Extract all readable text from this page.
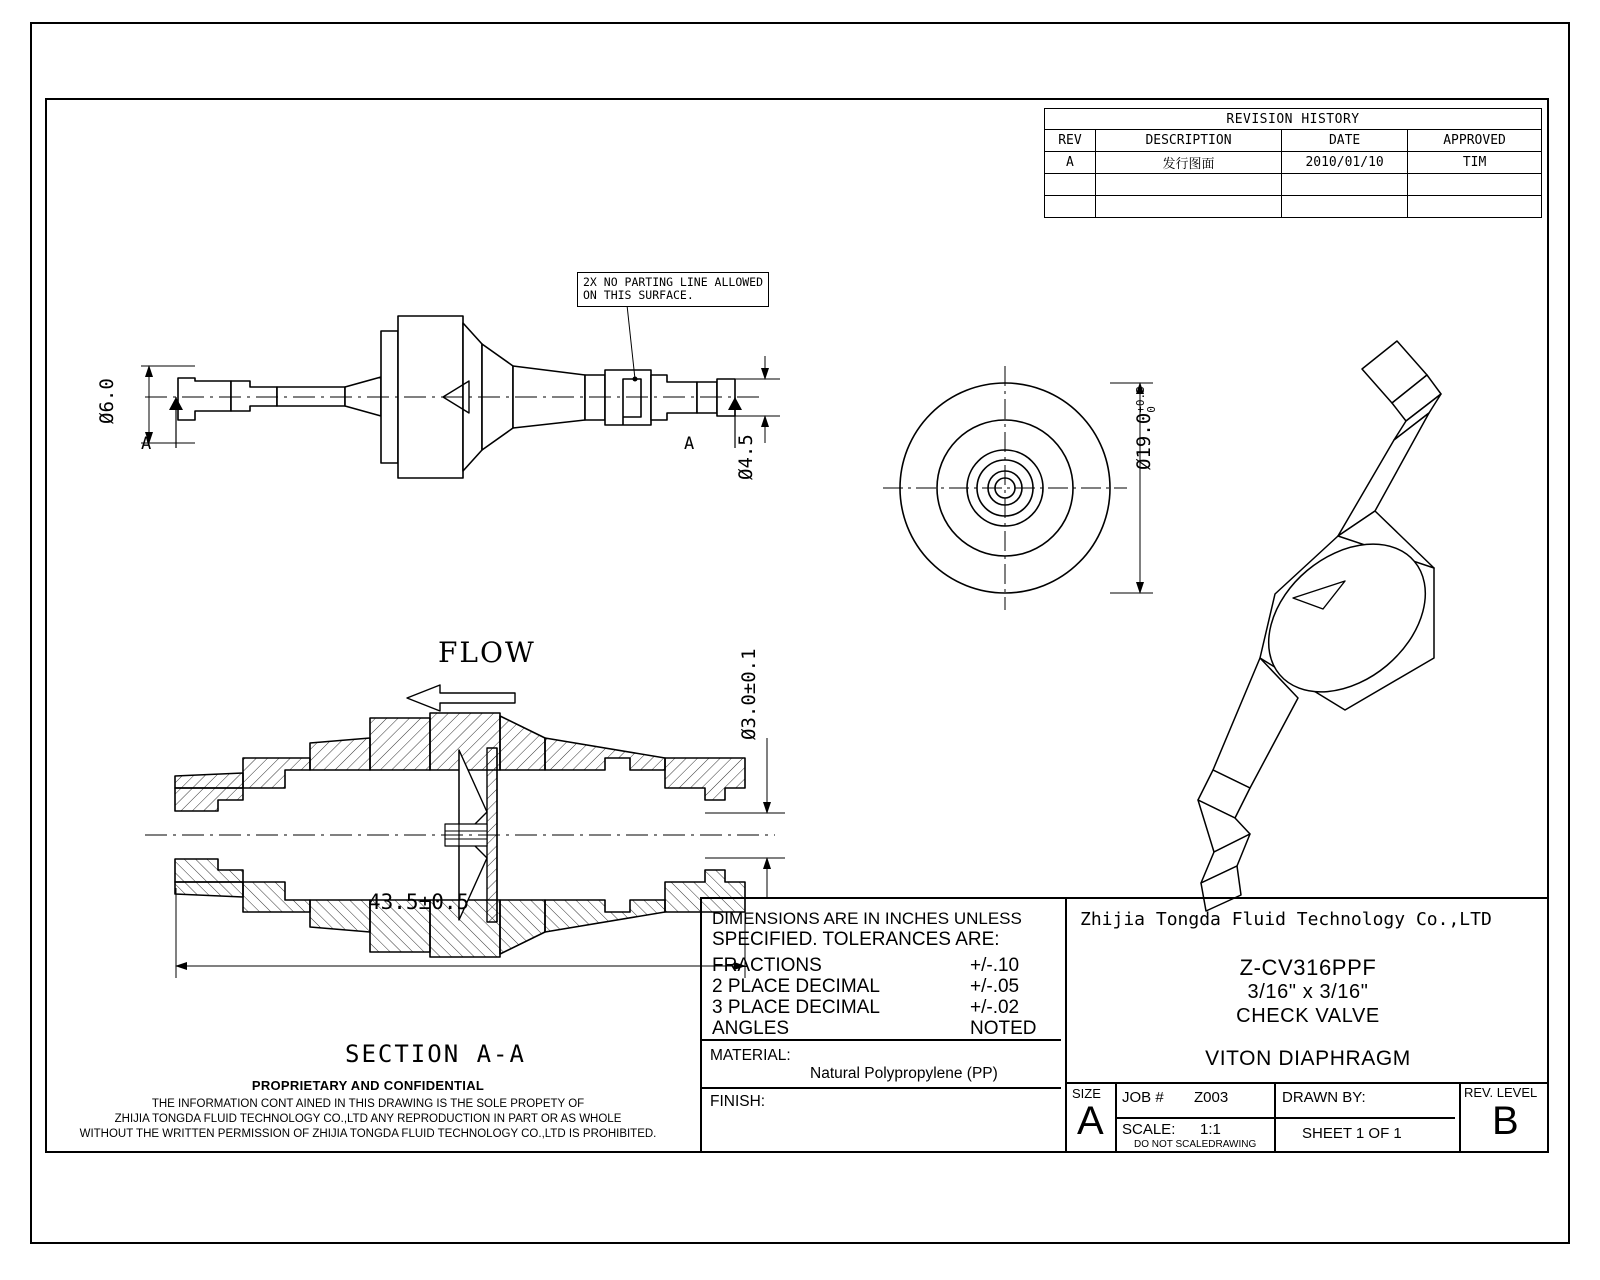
REVISION HISTORY			
REV	DESCRIPTION	DATE	APPROVED
A	发行图面	2010/01/10	TIM

2X NO PARTING LINE ALLOWED
ON THIS SURFACE.
Ø6.0
Ø4.5
A	A	Ø19.0
+0.3
0
Ø3.0±0.1
43.5±0.5
SECTION A-A
FLOW
DIMENSIONS ARE IN INCHES UNLESS
SPECIFIED. TOLERANCES ARE:
FRACTIONS	+/-.10
2 PLACE DECIMAL	+/-.05
3 PLACE DECIMAL	+/-.02
ANGLES	NOTED
MATERIAL:
Natural Polypropylene (PP)
FINISH:
Zhijia Tongda Fluid Technology Co.,LTD
Z-CV316PPF
3/16" x 3/16"
CHECK VALVE
VITON DIAPHRAGM
SIZE
A
JOB # Z003
SCALE: 1:1
DO NOT SCALEDRAWING
DRAWN BY:
SHEET 1 OF 1
REV. LEVEL
B
PROPRIETARY AND CONFIDENTIAL
THE INFORMATION CONT AINED IN THIS DRAWING IS THE SOLE PROPETY OF
ZHIJIA TONGDA FLUID TECHNOLOGY CO.,LTD ANY REPRODUCTION IN PART OR AS WHOLE
WITHOUT THE WRITTEN PERMISSION OF ZHIJIA TONGDA FLUID TECHNOLOGY CO.,LTD IS PROHIBITED.
